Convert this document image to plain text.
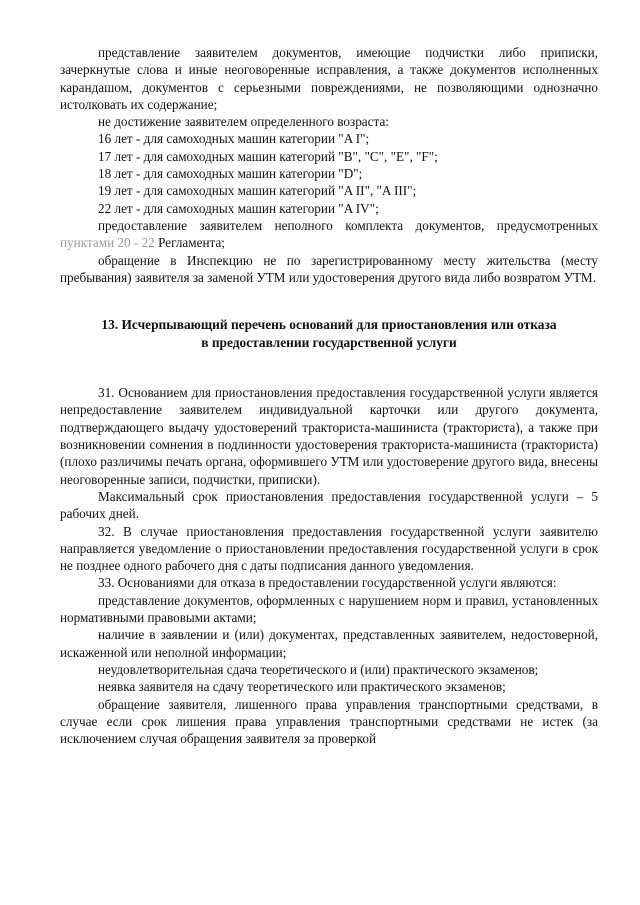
представление заявителем документов, имеющие подчистки либо приписки, зачеркнутые слова и иные неоговоренные исправления, а также документов исполненных карандашом, документов с серьезными повреждениями, не позволяющими однозначно истолковать их содержание;

не достижение заявителем определенного возраста:

16 лет - для самоходных машин категории "A I";

17 лет - для самоходных машин категорий "B", "C", "E", "F";

18 лет - для самоходных машин категории "D";

19 лет - для самоходных машин категорий "A II", "A III";

22 лет - для самоходных машин категории "A IV";

предоставление заявителем неполного комплекта документов, предусмотренных пунктами 20 - 22 Регламента;

обращение в Инспекцию не по зарегистрированному месту жительства (месту пребывания) заявителя за заменой УТМ или удостоверения другого вида либо возвратом УТМ.

13. Исчерпывающий перечень оснований для приостановления или отказа
в предоставлении государственной услуги

31. Основанием для приостановления предоставления государственной услуги является непредоставление заявителем индивидуальной карточки или другого документа, подтверждающего выдачу удостоверений тракториста-машиниста (тракториста), а также при возникновении сомнения в подлинности удостоверения тракториста-машиниста (тракториста) (плохо различимы печать органа, оформившего УТМ или удостоверение другого вида, внесены неоговоренные записи, подчистки, приписки).

Максимальный срок приостановления предоставления государственной услуги – 5 рабочих дней.

32. В случае приостановления предоставления государственной услуги заявителю направляется уведомление о приостановлении предоставления государственной услуги в срок не позднее одного рабочего дня с даты подписания данного уведомления.

33. Основаниями для отказа в предоставлении государственной услуги являются:

представление документов, оформленных с нарушением норм и правил, установленных нормативными правовыми актами;

наличие в заявлении и (или) документах, представленных заявителем, недостоверной, искаженной или неполной информации;

неудовлетворительная сдача теоретического и (или) практического экзаменов;

неявка заявителя на сдачу теоретического или практического экзаменов;

обращение заявителя, лишенного права управления транспортными средствами, в случае если срок лишения права управления транспортными средствами не истек (за исключением случая обращения заявителя за проверкой
